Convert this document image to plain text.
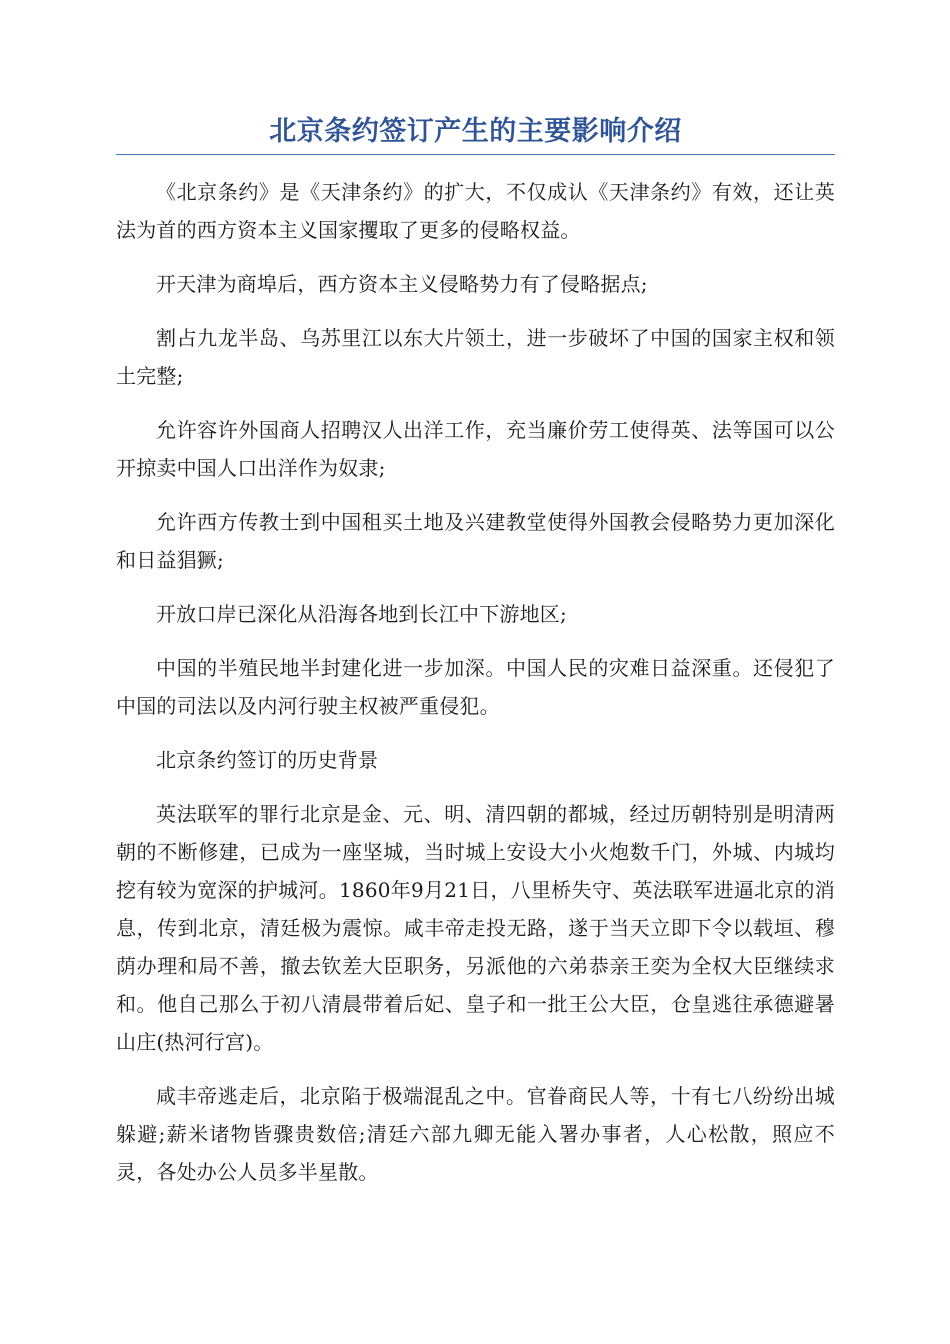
北京条约签订产生的主要影响介绍

《北京条约》是《天津条约》的扩大，不仅成认《天津条约》有效，还让英法为首的西方资本主义国家攫取了更多的侵略权益。

开天津为商埠后，西方资本主义侵略势力有了侵略据点;

割占九龙半岛、乌苏里江以东大片领土，进一步破坏了中国的国家主权和领土完整;

允许容许外国商人招聘汉人出洋工作，充当廉价劳工使得英、法等国可以公开掠卖中国人口出洋作为奴隶;

允许西方传教士到中国租买土地及兴建教堂使得外国教会侵略势力更加深化和日益猖獗;

开放口岸已深化从沿海各地到长江中下游地区;

中国的半殖民地半封建化进一步加深。中国人民的灾难日益深重。还侵犯了中国的司法以及内河行驶主权被严重侵犯。

北京条约签订的历史背景

英法联军的罪行北京是金、元、明、清四朝的都城，经过历朝特别是明清两朝的不断修建，已成为一座坚城，当时城上安设大小火炮数千门，外城、内城均挖有较为宽深的护城河。1860年9月21日，八里桥失守、英法联军进逼北京的消息，传到北京，清廷极为震惊。咸丰帝走投无路，遂于当天立即下令以载垣、穆荫办理和局不善，撤去钦差大臣职务，另派他的六弟恭亲王奕为全权大臣继续求和。他自己那么于初八清晨带着后妃、皇子和一批王公大臣，仓皇逃往承德避暑山庄(热河行宫)。

咸丰帝逃走后，北京陷于极端混乱之中。官眷商民人等，十有七八纷纷出城躲避;薪米诸物皆骤贵数倍;清廷六部九卿无能入署办事者，人心松散，照应不灵，各处办公人员多半星散。
